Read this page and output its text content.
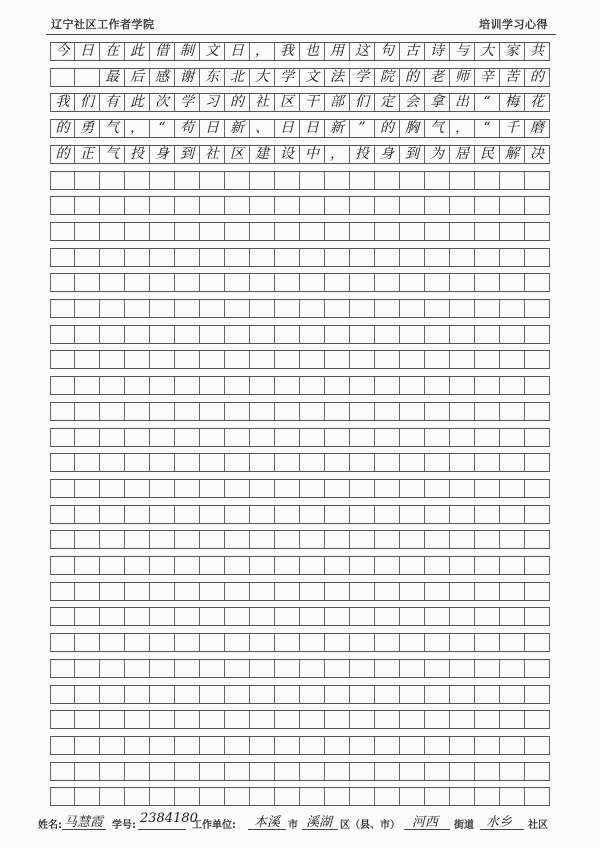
辽宁社区工作者学院	培训学习心得
今 日 在 此 借 制 文 日 ， 我 也 用 这 句 古 诗 与 大 家 共

最 后 感 谢 东 北 大 学 文 法 学 院 的 老 师 辛 苦 的
我 们 有 此 次 学 习 的 社 区 干 部 们 定 会 拿 出	“	梅 花
的 勇 气 ，	“	苟 日 新 、 日 日 新	”	的 胸 气 ，	“	千 磨
的 正 气 投 身 到 社 区 建 设 中 ， 投 身 到 为 居 民 解 决
姓名: 马慧霞 学号: 2384180
工作单位: 本溪 市 溪湖 区（县、市） 河西 街道 水乡 社区
